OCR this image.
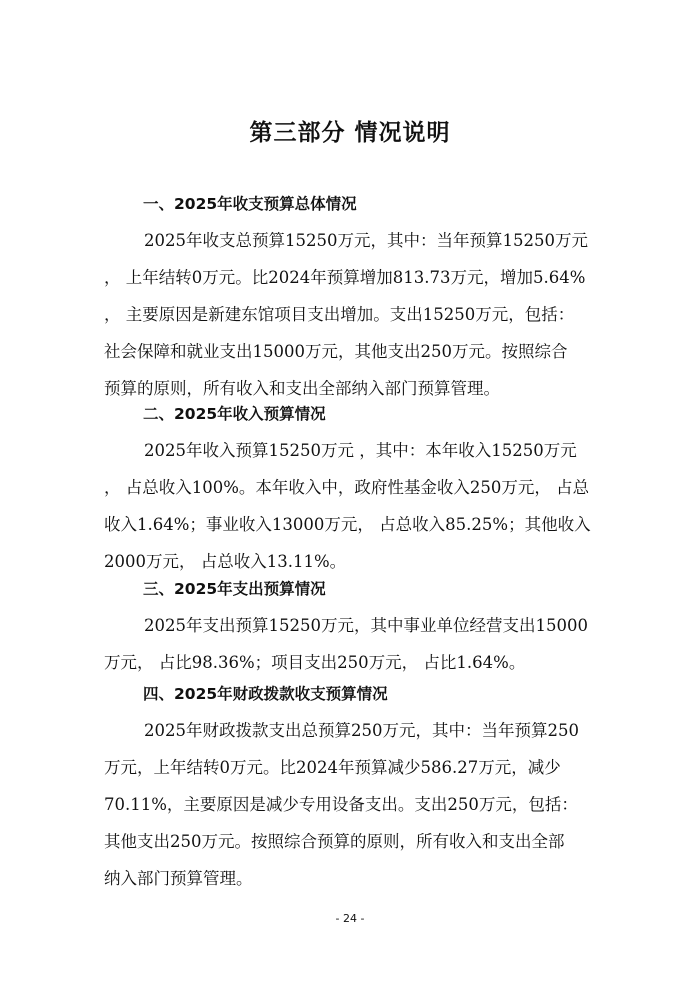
第三部分 情况说明
一、2025年收支预算总体情况
2025年收支总预算15250万元，其中：当年预算15250万元
， 上年结转0万元。比2024年预算增加813.73万元，增加5.64%
， 主要原因是新建东馆项目支出增加。支出15250万元，包括：
社会保障和就业支出15000万元，其他支出250万元。按照综合
预算的原则，所有收入和支出全部纳入部门预算管理。
二、2025年收入预算情况
2025年收入预算15250万元 ，其中：本年收入15250万元
， 占总收入100%。本年收入中，政府性基金收入250万元， 占总
收入1.64%；事业收入13000万元， 占总收入85.25%；其他收入
2000万元， 占总收入13.11%。
三、2025年支出预算情况
2025年支出预算15250万元，其中事业单位经营支出15000
万元， 占比98.36%；项目支出250万元， 占比1.64%。
四、2025年财政拨款收支预算情况
2025年财政拨款支出总预算250万元，其中：当年预算250
万元，上年结转0万元。比2024年预算减少586.27万元，减少
70.11%，主要原因是减少专用设备支出。支出250万元，包括：
其他支出250万元。按照综合预算的原则，所有收入和支出全部
纳入部门预算管理。
- 24 -
